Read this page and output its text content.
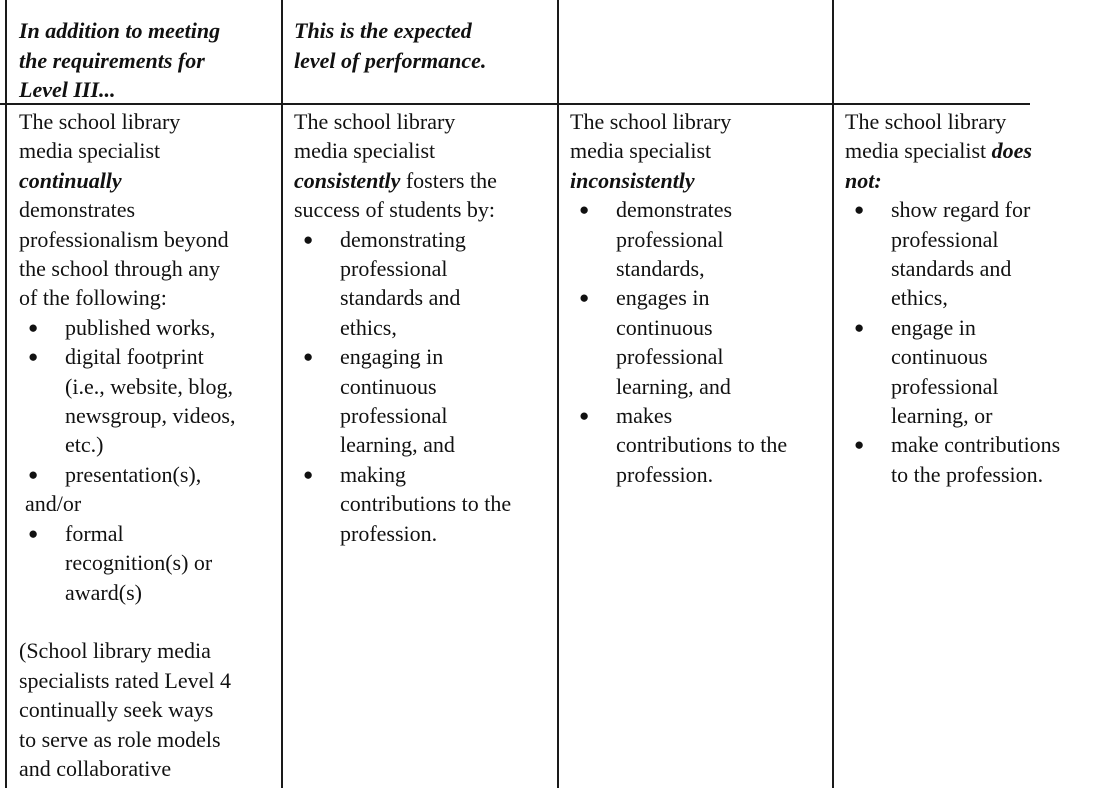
In addition to meeting
the requirements for
Level III...
This is the expected
level of performance.
The school library
media specialist
continually
demonstrates
professionalism beyond
the school through any
of the following:
● published works,
● digital footprint
(i.e., website, blog,
newsgroup, videos,
etc.)
● presentation(s),
and/or
● formal
recognition(s) or
award(s)
(School library media
specialists rated Level 4
continually seek ways
to serve as role models
and collaborative
The school library
media specialist
consistently fosters the
success of students by:
● demonstrating
professional
standards and
ethics,
● engaging in
continuous
professional
learning, and
● making
contributions to the
profession.
The school library
media specialist
inconsistently
● demonstrates
professional
standards,
● engages in
continuous
professional
learning, and
● makes
contributions to the
profession.
The school library
media specialist does
not:
● show regard for
professional
standards and
ethics,
● engage in
continuous
professional
learning, or
● make contributions
to the profession.
